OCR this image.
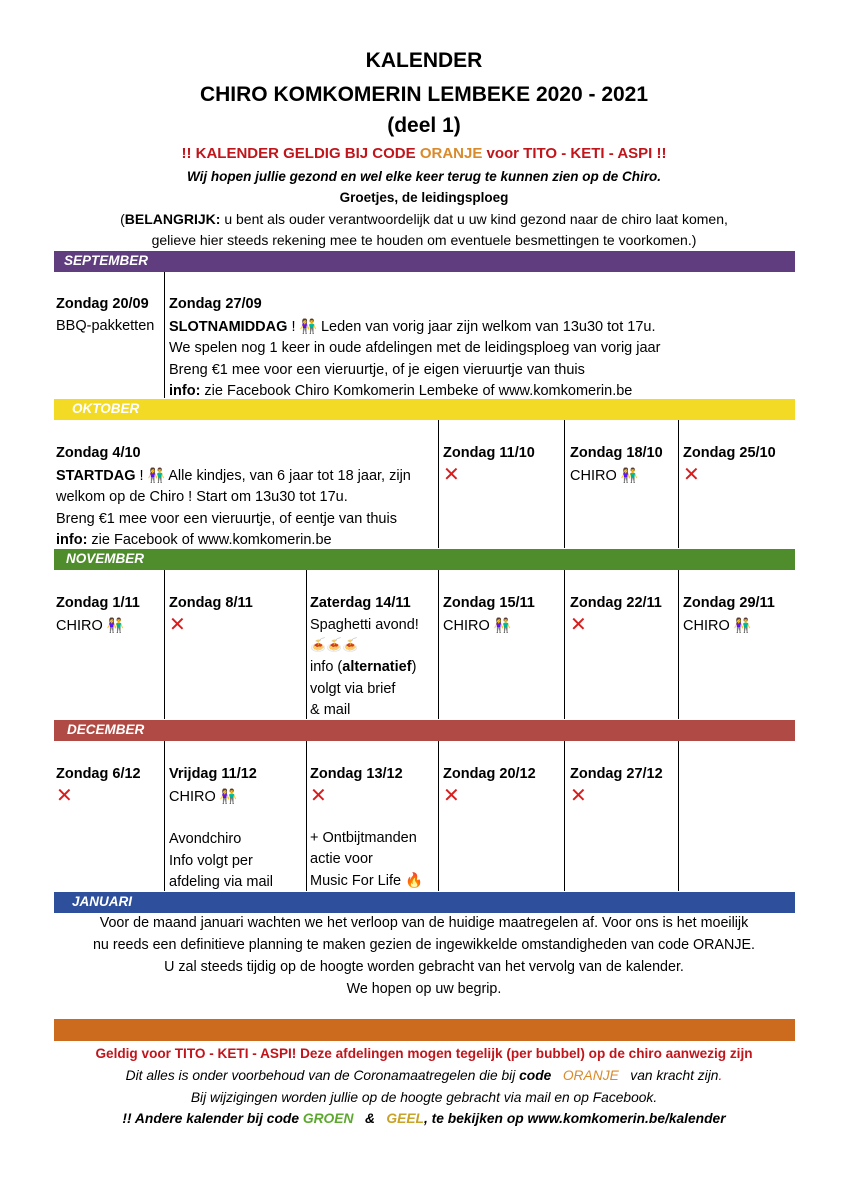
KALENDER
CHIRO KOMKOMERIN LEMBEKE 2020 - 2021
(deel 1)
!! KALENDER GELDIG BIJ CODE ORANJE voor TITO - KETI - ASPI !!
Wij hopen jullie gezond en wel elke keer terug te kunnen zien op de Chiro.
Groetjes, de leidingsploeg
(BELANGRIJK: u bent als ouder verantwoordelijk dat u uw kind gezond naar de chiro laat komen,
gelieve hier steeds rekening mee te houden om eventuele besmettingen te voorkomen.)
SEPTEMBER
Zondag 20/09
BBQ-pakketten
Zondag 27/09
SLOTNAMIDDAG ! 👫 Leden van vorig jaar zijn welkom van 13u30 tot 17u.
We spelen nog 1 keer in oude afdelingen met de leidingsploeg van vorig jaar
Breng €1 mee voor een vieruurtje, of je eigen vieruurtje van thuis
info: zie Facebook Chiro Komkomerin Lembeke of www.komkomerin.be
OKTOBER
Zondag 4/10
STARTDAG ! 👫 Alle kindjes, van 6 jaar tot 18 jaar, zijn
welkom op de Chiro ! Start om 13u30 tot 17u.
Breng €1 mee voor een vieruurtje, of eentje van thuis
info: zie Facebook of www.komkomerin.be
Zondag 11/10
✕
Zondag 18/10
CHIRO 👫
Zondag 25/10
✕
NOVEMBER
Zondag 1/11
CHIRO 👫
Zondag 8/11
✕
Zaterdag 14/11
Spaghetti avond!
🍝🍝🍝
info (alternatief)
volgt via brief
& mail
Zondag 15/11
CHIRO 👫
Zondag 22/11
✕
Zondag 29/11
CHIRO 👫
DECEMBER
Zondag 6/12
✕
Vrijdag 11/12
CHIRO 👫
Avondchiro
Info volgt per
afdeling via mail
Zondag 13/12
✕
+ Ontbijtmanden
actie voor
Music For Life 🔥
Zondag 20/12
✕
Zondag 27/12
✕
JANUARI
Voor de maand januari wachten we het verloop van de huidige maatregelen af. Voor ons is het moeilijk
nu reeds een definitieve planning te maken gezien de ingewikkelde omstandigheden van code ORANJE.
U zal steeds tijdig op de hoogte worden gebracht van het vervolg van de kalender.
We hopen op uw begrip.
Geldig voor TITO - KETI - ASPI! Deze afdelingen mogen tegelijk (per bubbel) op de chiro aanwezig zijn
Dit alles is onder voorbehoud van de Coronamaatregelen die bij code ORANJE van kracht zijn.
Bij wijzigingen worden jullie op de hoogte gebracht via mail en op Facebook.
!! Andere kalender bij code GROEN & GEEL, te bekijken op www.komkomerin.be/kalender
